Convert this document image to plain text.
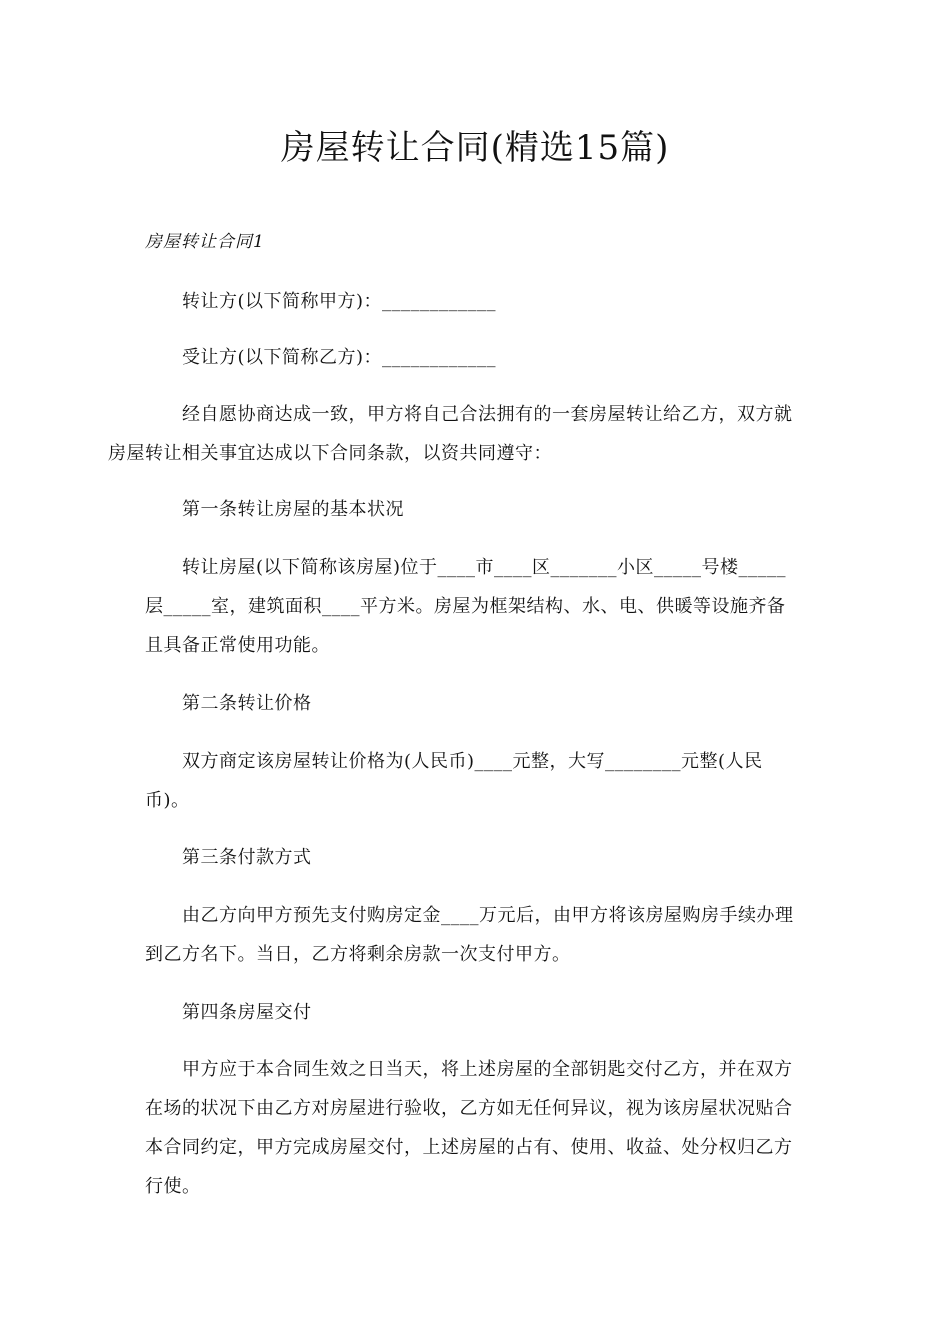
房屋转让合同(精选15篇)
房屋转让合同1

转让方(以下简称甲方)：____________

受让方(以下简称乙方)：____________

经自愿协商达成一致，甲方将自己合法拥有的一套房屋转让给乙方，双方就
房屋转让相关事宜达成以下合同条款，以资共同遵守：

第一条转让房屋的基本状况

转让房屋(以下简称该房屋)位于____市____区_______小区_____号楼_____
层_____室，建筑面积____平方米。房屋为框架结构、水、电、供暖等设施齐备
且具备正常使用功能。

第二条转让价格

双方商定该房屋转让价格为(人民币)____元整，大写________元整(人民
币)。

第三条付款方式

由乙方向甲方预先支付购房定金____万元后，由甲方将该房屋购房手续办理
到乙方名下。当日，乙方将剩余房款一次支付甲方。

第四条房屋交付

甲方应于本合同生效之日当天，将上述房屋的全部钥匙交付乙方，并在双方
在场的状况下由乙方对房屋进行验收，乙方如无任何异议，视为该房屋状况贴合
本合同约定，甲方完成房屋交付，上述房屋的占有、使用、收益、处分权归乙方
行使。
